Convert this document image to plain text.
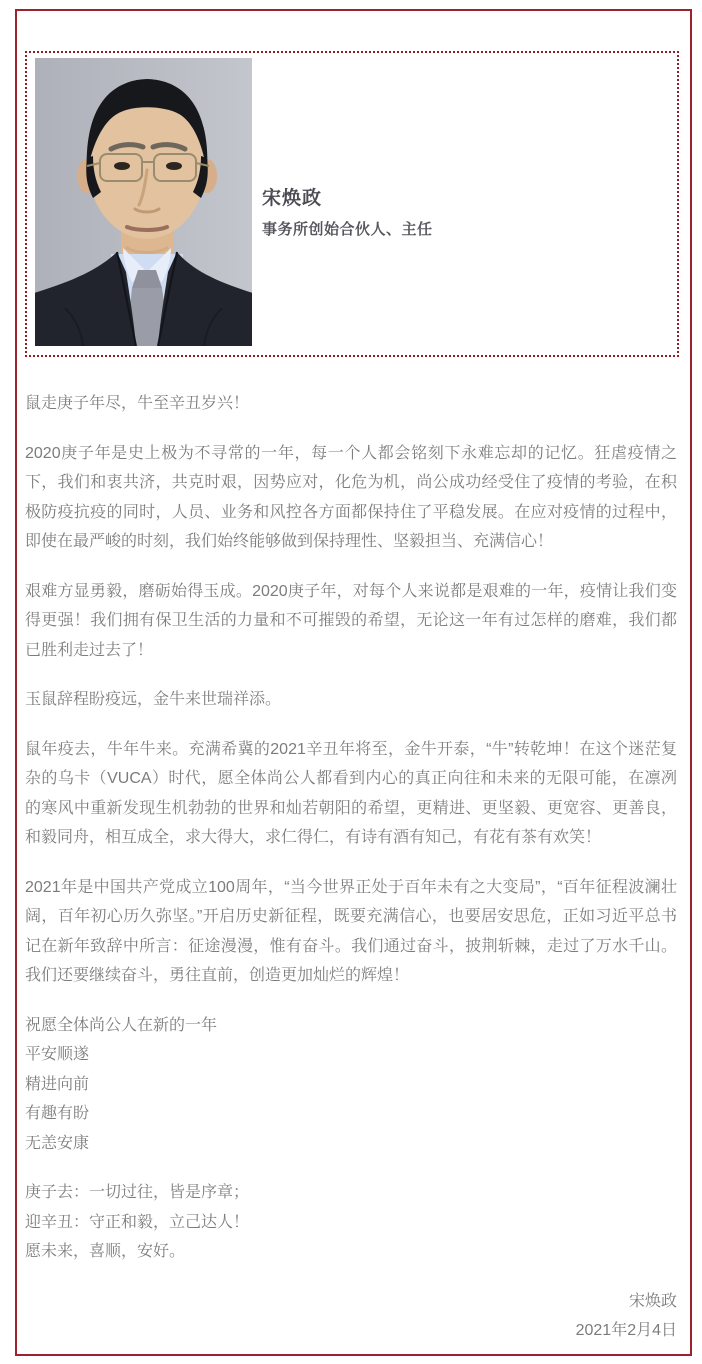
宋焕政
事务所创始合伙人、主任

鼠走庚子年尽，牛至辛丑岁兴！

2020庚子年是史上极为不寻常的一年，每一个人都会铭刻下永难忘却的记忆。狂虐疫情之下，我们和衷共济，共克时艰，因势应对，化危为机，尚公成功经受住了疫情的考验，在积极防疫抗疫的同时，人员、业务和风控各方面都保持住了平稳发展。在应对疫情的过程中，即使在最严峻的时刻，我们始终能够做到保持理性、坚毅担当、充满信心！

艰难方显勇毅，磨砺始得玉成。2020庚子年，对每个人来说都是艰难的一年，疫情让我们变得更强！我们拥有保卫生活的力量和不可摧毁的希望，无论这一年有过怎样的磨难，我们都已胜利走过去了！

玉鼠辞程盼疫远，金牛来世瑞祥添。

鼠年疫去，牛年牛来。充满希冀的2021辛丑年将至，金牛开泰，“牛”转乾坤！在这个迷茫复杂的乌卡（VUCA）时代，愿全体尚公人都看到内心的真正向往和未来的无限可能，在凛冽的寒风中重新发现生机勃勃的世界和灿若朝阳的希望，更精进、更坚毅、更宽容、更善良，和毅同舟，相互成全，求大得大，求仁得仁，有诗有酒有知己，有花有茶有欢笑！

2021年是中国共产党成立100周年，“当今世界正处于百年未有之大变局”，“百年征程波澜壮阔，百年初心历久弥坚。”开启历史新征程，既要充满信心，也要居安思危，正如习近平总书记在新年致辞中所言：征途漫漫，惟有奋斗。我们通过奋斗，披荆斩棘，走过了万水千山。我们还要继续奋斗，勇往直前，创造更加灿烂的辉煌！

祝愿全体尚公人在新的一年
平安顺遂
精进向前
有趣有盼
无恙安康
庚子去：一切过往，皆是序章；
迎辛丑：守正和毅，立己达人！
愿未来，喜顺，安好。
宋焕政
2021年2月4日
